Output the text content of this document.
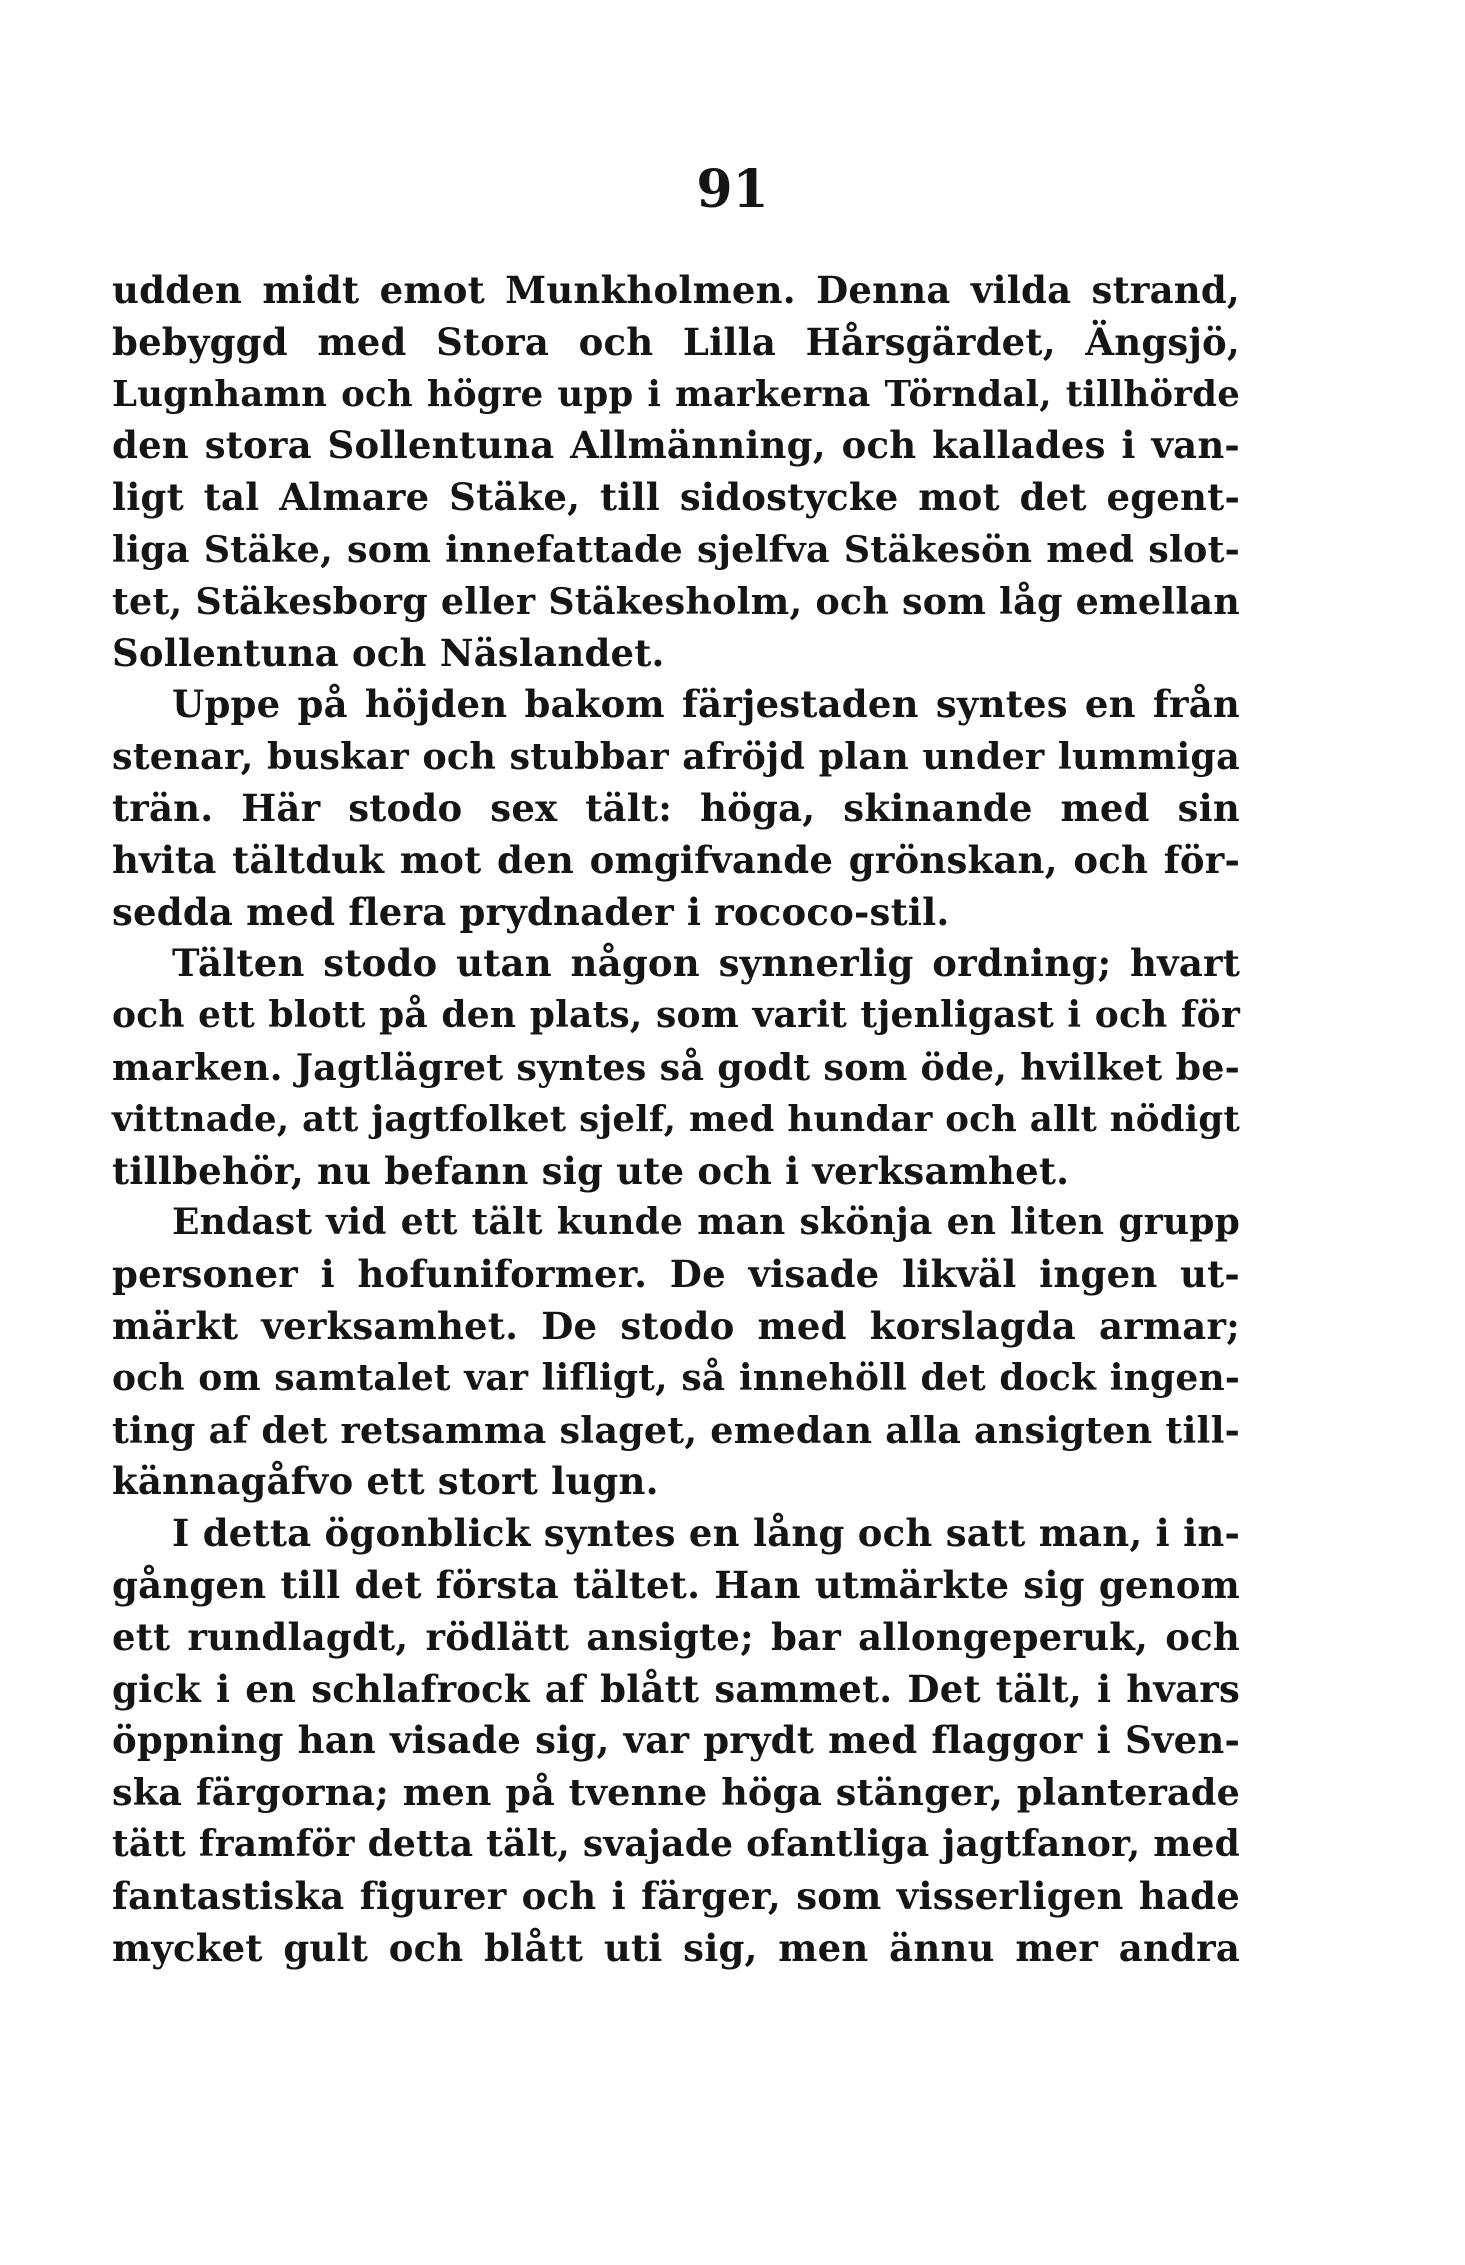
91
udden midt emot Munkholmen. Denna vilda strand,
bebyggd med Stora och Lilla Hårsgärdet, Ängsjö,
Lugnhamn och högre upp i markerna Törndal, tillhörde
den stora Sollentuna Allmänning, och kallades i van-
ligt tal Almare Stäke, till sidostycke mot det egent-
liga Stäke, som innefattade sjelfva Stäkesön med slot-
tet, Stäkesborg eller Stäkesholm, och som låg emellan
Sollentuna och Näslandet.
Uppe på höjden bakom färjestaden syntes en från
stenar, buskar och stubbar afröjd plan under lummiga
trän. Här stodo sex tält: höga, skinande med sin
hvita tältduk mot den omgifvande grönskan, och för-
sedda med flera prydnader i rococo-stil.
Tälten stodo utan någon synnerlig ordning; hvart
och ett blott på den plats, som varit tjenligast i och för
marken. Jagtlägret syntes så godt som öde, hvilket be-
vittnade, att jagtfolket sjelf, med hundar och allt nödigt
tillbehör, nu befann sig ute och i verksamhet.
Endast vid ett tält kunde man skönja en liten grupp
personer i hofuniformer. De visade likväl ingen ut-
märkt verksamhet. De stodo med korslagda armar;
och om samtalet var lifligt, så innehöll det dock ingen-
ting af det retsamma slaget, emedan alla ansigten till-
kännagåfvo ett stort lugn.
I detta ögonblick syntes en lång och satt man, i in-
gången till det första tältet. Han utmärkte sig genom
ett rundlagdt, rödlätt ansigte; bar allongeperuk, och
gick i en schlafrock af blått sammet. Det tält, i hvars
öppning han visade sig, var prydt med flaggor i Sven-
ska färgorna; men på tvenne höga stänger, planterade
tätt framför detta tält, svajade ofantliga jagtfanor, med
fantastiska figurer och i färger, som visserligen hade
mycket gult och blått uti sig, men ännu mer andra
